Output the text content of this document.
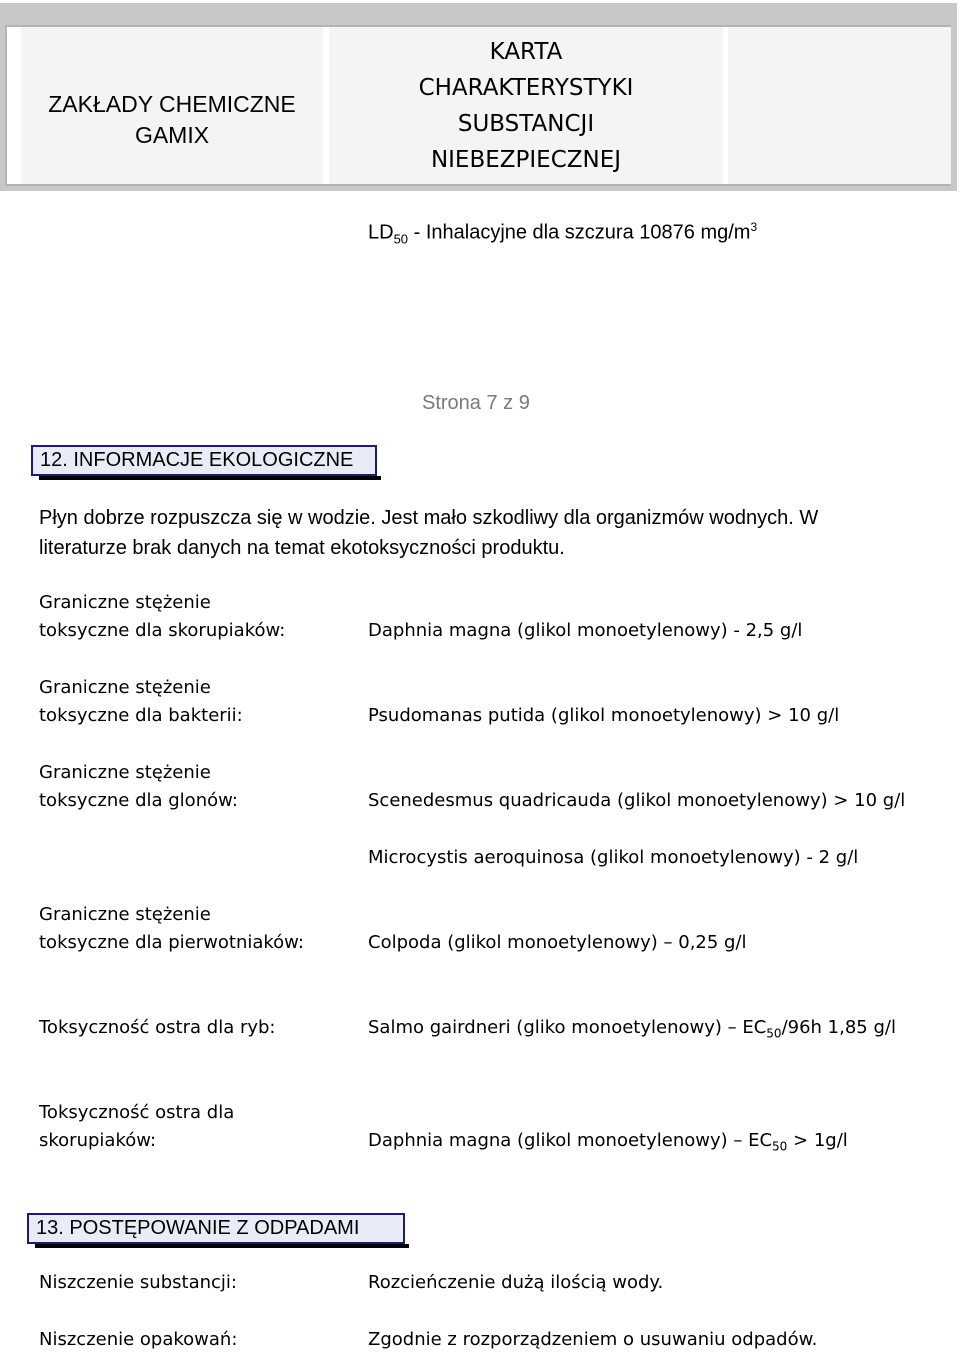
ZAKŁADY CHEMICZNE
GAMIX
KARTA
CHARAKTERYSTYKI
SUBSTANCJI
NIEBEZPIECZNEJ
$LD_{50}$ - Inhalacyjne dla szczura 10876 $mg/m^3$
Strona 7 z 9
12. INFORMACJE EKOLOGICZNE
Płyn dobrze rozpuszcza się w wodzie. Jest mało szkodliwy dla organizmów wodnych. W
literaturze brak danych na temat ekotoksyczności produktu.
Graniczne stężenie
toksyczne dla skorupiaków:	Daphnia magna (glikol monoetylenowy) - 2,5 g/l
Graniczne stężenie
toksyczne dla bakterii:	Psudomanas putida (glikol monoetylenowy) > 10 g/l
Graniczne stężenie
toksyczne dla glonów:	Scenedesmus quadricauda (glikol monoetylenowy) > 10 g/l
Microcystis aeroquinosa (glikol monoetylenowy) - 2 g/l
Graniczne stężenie
toksyczne dla pierwotniaków:	Colpoda (glikol monoetylenowy) – 0,25 g/l
Toksyczność ostra dla ryb:	Salmo gairdneri (gliko monoetylenowy) – $EC_{50}/96h$ 1,85 g/l
Toksyczność ostra dla
skorupiaków:	Daphnia magna (glikol monoetylenowy) – $EC_{50} > 1g/l$
13. POSTĘPOWANIE Z ODPADAMI
Niszczenie substancji:	Rozcieńczenie dużą ilością wody.
Niszczenie opakowań:	Zgodnie z rozporządzeniem o usuwaniu odpadów.
